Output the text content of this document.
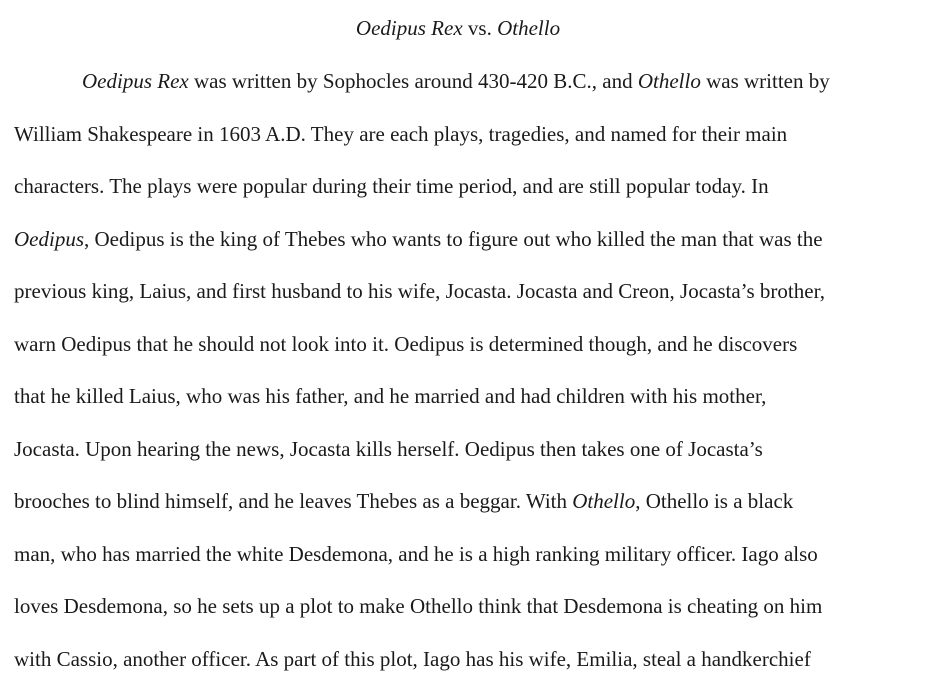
Oedipus Rex vs. Othello
Oedipus Rex was written by Sophocles around 430-420 B.C., and Othello was written by
William Shakespeare in 1603 A.D. They are each plays, tragedies, and named for their main
characters. The plays were popular during their time period, and are still popular today. In
Oedipus, Oedipus is the king of Thebes who wants to figure out who killed the man that was the
previous king, Laius, and first husband to his wife, Jocasta. Jocasta and Creon, Jocasta’s brother,
warn Oedipus that he should not look into it. Oedipus is determined though, and he discovers
that he killed Laius, who was his father, and he married and had children with his mother,
Jocasta. Upon hearing the news, Jocasta kills herself. Oedipus then takes one of Jocasta’s
brooches to blind himself, and he leaves Thebes as a beggar. With Othello, Othello is a black
man, who has married the white Desdemona, and he is a high ranking military officer. Iago also
loves Desdemona, so he sets up a plot to make Othello think that Desdemona is cheating on him
with Cassio, another officer. As part of this plot, Iago has his wife, Emilia, steal a handkerchief
